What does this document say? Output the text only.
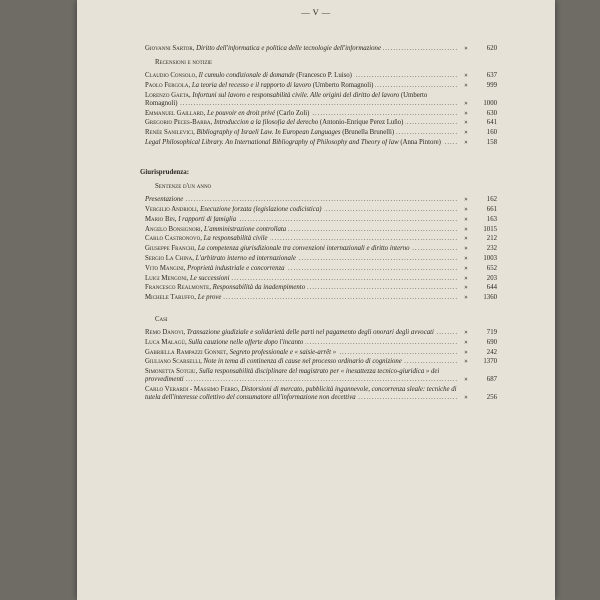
— V —
Giovanni Sartor, Diritto dell'informatica e politica delle tecnologie dell'informazione .....	»	620
Recensioni e notizie
Claudio Consolo, Il cumulo condizionale di domande (Francesco P. Luiso) .....	»	637
Paolo Fergola, La teoria del recesso e il rapporto di lavoro (Umberto Romagnoli) .....	»	999
Lorenzo Gaeta, Infortuni sul lavoro e responsabilità civile. Alle origini del diritto del lavoro (Umberto Romagnoli) .....	»	1000
Emmanuel Gaillard, Le pouvoir en droit privé (Carlo Zoli) .....	»	630
Gregorio Peces-Barba, Introduccion a la filosofia del derecho (Antonio-Enrique Perez Luño) .....	»	641
Renée Sanilevici, Bibliography of Israeli Law. In European Languages (Brunella Brunelli) .....	»	160
Legal Philosophical Library. An International Bibliography of Philosophy and Theory of law (Anna Pintore) .....	»	158
Giurisprudenza:
Sentenze d'un anno
Presentazione .....	»	162
Vergilio Andrioli, Esecuzione forzata (legislazione codicistica) .....	»	661
Mario Bin, I rapporti di famiglia .....	»	163
Angelo Bonsignori, L'amministrazione controllata .....	»	1015
Carlo Castronovo, La responsabilità civile .....	»	212
Giuseppe Franchi, La competenza giurisdizionale tra convenzioni internazionali e diritto interno .....	»	232
Sergio La China, L'arbitrato interno ed internazionale .....	»	1003
Vito Mangini, Proprietà industriale e concorrenza .....	»	652
Luigi Mengoni, Le successioni .....	»	203
Francesco Realmonte, Responsabilità da inadempimento .....	»	644
Michele Taruffo, Le prove .....	»	1360
Casi
Remo Danovi, Transazione giudiziale e solidarietà delle parti nel pagamento degli onorari degli avvocati .....	»	719
Luca Malagù, Sulla cauzione nelle offerte dopo l'incanto .....	»	690
Gabriella Rampazzi Gonnet, Segreto professionale e « saisie-arrêt » .....	»	242
Giuliano Scarselli, Note in tema di continenza di cause nel processo ordinario di cognizione .....	»	1370
Simonetta Sotgiu, Sulla responsabilità disciplinare del magistrato per « inesattezza tecnico-giuridica » dei provvedimenti .....	»	687
Carlo Verardi - Massimo Ferro, Distorsioni di mercato, pubblicità ingannevole, concorrenza sleale: tecniche di tutela dell'interesse collettivo del consumatore all'informazione non decettiva .....	»	256
